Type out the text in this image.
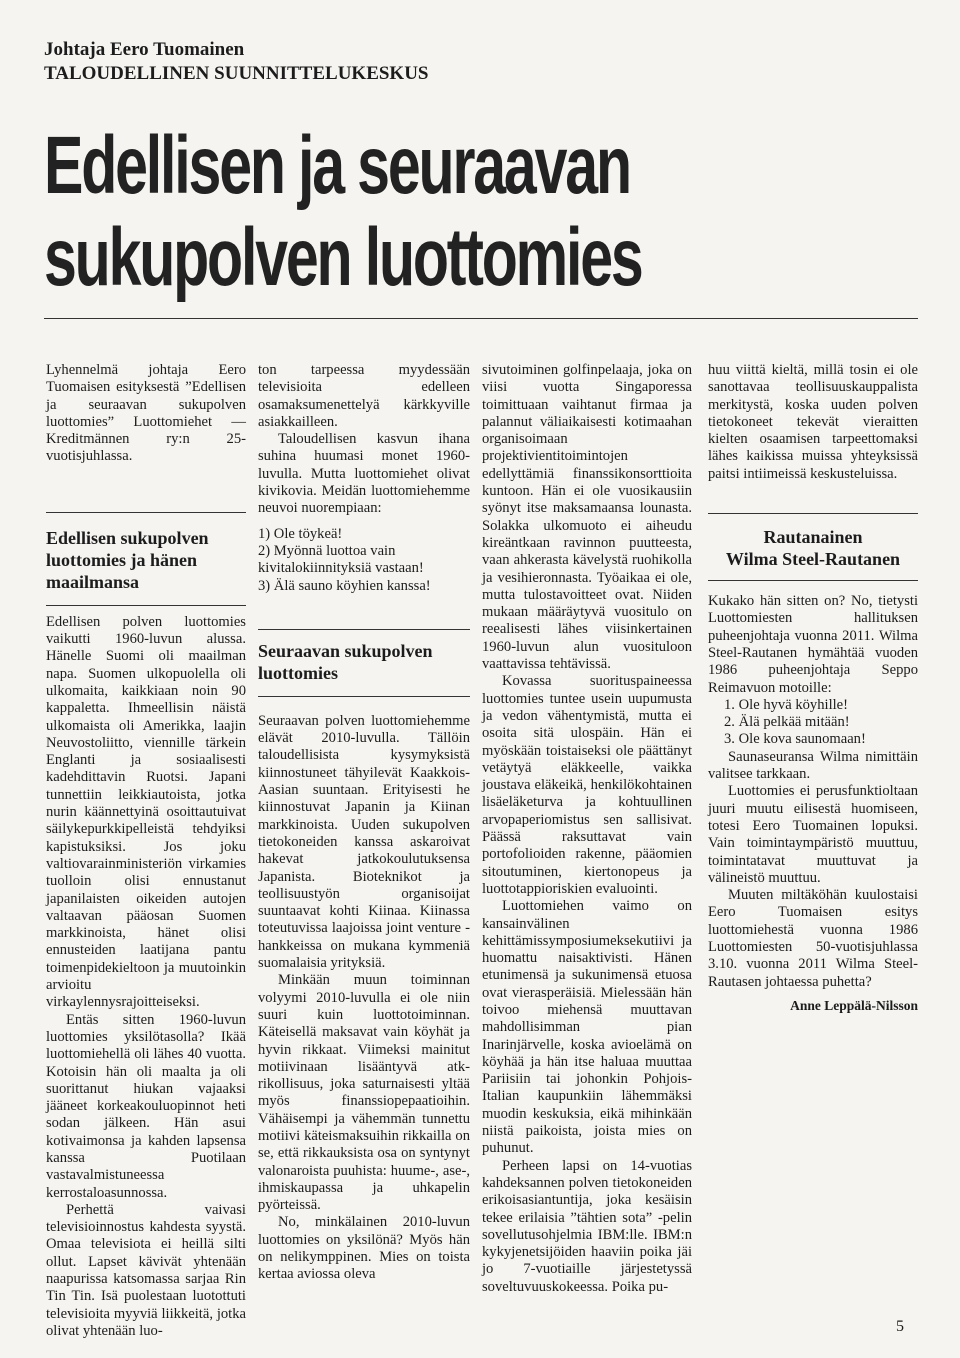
Johtaja Eero Tuomainen
TALOUDELLINEN SUUNNITTELUKESKUS
Edellisen ja seuraavan
sukupolven luottomies

Lyhennelmä johtaja Eero Tuomaisen esityksestä ”Edellisen ja seuraavan sukupolven luottomies” Luottomiehet — Kreditmännen ry:n 25-vuotisjuhlassa.

Edellisen sukupolven luottomies ja hänen maailmansa

Edellisen polven luottomies vaikutti 1960-luvun alussa. Hänelle Suomi oli maailman napa. Suomen ulkopuolella oli ulkomaita, kaikkiaan noin 90 kappaletta. Ihmeellisin näistä ulkomaista oli Amerikka, laajin Neuvostoliitto, viennille tärkein Englanti ja sosiaalisesti kadehdittavin Ruotsi. Japani tunnettiin leikkiautoista, jotka nurin käännettyinä osoittautuivat säilykepurkkipelleistä tehdyiksi kapistuksiksi. Jos joku valtiovarainministeriön virkamies tuolloin olisi ennustanut japanilaisten oikeiden autojen valtaavan pääosan Suomen markkinoista, hänet olisi ennusteiden laatijana pantu toimenpidekieltoon ja muutoinkin arvioitu virkaylennysrajoitteiseksi.

Entäs sitten 1960-luvun luottomies yksilötasolla? Ikää luottomiehellä oli lähes 40 vuotta. Kotoisin hän oli maalta ja oli suorittanut hiukan vajaaksi jääneet korkeakouluopinnot heti sodan jälkeen. Hän asui kotivaimonsa ja kahden lapsensa kanssa Puotilaan vastavalmistuneessa kerrostaloasunnossa.

Perhettä vaivasi televisioinnostus kahdesta syystä. Omaa televisiota ei heillä silti ollut. Lapset kävivät yhtenään naapurissa katsomassa sarjaa Rin Tin Tin. Isä puolestaan luotottuti televisioita myyviä liikkeitä, jotka olivat yhtenään luo-

ton tarpeessa myydessään televisioita edelleen osamaksumenettelyä kärkkyville asiakkailleen.

Taloudellisen kasvun ihana suhina huumasi monet 1960-luvulla. Mutta luottomiehet olivat kivikovia. Meidän luottomiehemme neuvoi nuorempiaan:

1) Ole töykeä!
2) Myönnä luottoa vain kivitalokiinnityksiä vastaan!
3) Älä sauno köyhien kanssa!
Seuraavan sukupolven luottomies

Seuraavan polven luottomiehemme elävät 2010-luvulla. Tällöin taloudellisista kysymyksistä kiinnostuneet tähyilevät Kaakkois-Aasian suuntaan. Erityisesti he kiinnostuvat Japanin ja Kiinan markkinoista. Uuden sukupolven tietokoneiden kanssa askaroivat hakevat jatkokoulutuksensa Japanista. Bioteknikot ja teollisuustyön organisoijat suuntaavat kohti Kiinaa. Kiinassa toteutuvissa laajoissa joint venture -hankkeissa on mukana kymmeniä suomalaisia yrityksiä.

Minkään muun toiminnan volyymi 2010-luvulla ei ole niin suuri kuin luottotoiminnan. Käteisellä maksavat vain köyhät ja hyvin rikkaat. Viimeksi mainitut motiivinaan lisääntyvä atk-rikollisuus, joka saturnaisesti yltää myös finanssiopераatioihin. Vähäisempi ja vähemmän tunnettu motiivi käteismaksuihin rikkailla on se, että rikkauksista osa on syntynyt valonaroista puuhista: huume-, ase-, ihmiskaupassa ja uhkapelin pyörteissä.

No, minkälainen 2010-luvun luottomies on yksilönä? Myös hän on nelikymppinen. Mies on toista kertaa aviossa oleva

sivutoiminen golfinpelaaja, joka on viisi vuotta Singaporessa toimittuaan vaihtanut firmaa ja palannut väliaikaisesti kotimaahan organisoimaan projektivientitoimintojen edellyttämiä finanssikonsorttioita kuntoon. Hän ei ole vuosikausiin syönyt itse maksamaansa lounasta. Solakka ulkomuoto ei aiheudu kireäntkaan ravinnon puutteesta, vaan ahkerasta kävelystä ruohikolla ja vesihieronnasta. Työaikaa ei ole, mutta tulostavoitteet ovat. Niiden mukaan määräytyvä vuositulo on reealisesti lähes viisinkertainen 1960-luvun alun vuosituloon vaattavissa tehtävissä.

Kovassa suorituspaineessa luottomies tuntee usein uupumusta ja vedon vähentymistä, mutta ei osoita sitä ulospäin. Hän ei myöskään toistaiseksi ole päättänyt vetäytyä eläkkeelle, vaikka joustava eläkeikä, henkilökohtainen lisäeläketurva ja kohtuullinen arvopaperiomistus sen sallisivat. Päässä raksuttavat vain portofolioiden rakenne, pääomien sitoutuminen, kiertonopeus ja luottotappioriskien evaluointi.

Luottomiehen vaimo on kansainvälinen kehittämissymposiumeksekutiivi ja huomattu naisaktivisti. Hänen etunimensä ja sukunimensä etuosa ovat vierasperäisiä. Mielessään hän toivoo miehensä muuttavan mahdollisimman pian Inarinjärvelle, koska avioelämä on köyhää ja hän itse haluaa muuttaa Pariisiin tai johonkin Pohjois-Italian kaupunkiin lähemmäksi muodin keskuksia, eikä mihinkään niistä paikoista, joista mies on puhunut.

Perheen lapsi on 14-vuotias kahdeksannen polven tietokoneiden erikoisasiantuntija, joka kesäisin tekee erilaisia ”tähtien sota” -pelin sovellutusohjelmia IBM:lle. IBM:n kykyjenetsijöiden haaviin poika jäi jo 7-vuotiaille järjestetyssä soveltuvuuskokeessa. Poika pu-

huu viittä kieltä, millä tosin ei ole sanottavaa teollisuuskauppalista merkitystä, koska uuden polven tietokoneet tekevät vieraitten kielten osaamisen tarpeettomaksi lähes kaikissa muissa yhteyksissä paitsi intiimeissä keskusteluissa.

Rautanainen
Wilma Steel-Rautanen

Kukako hän sitten on? No, tietysti Luottomiesten hallituksen puheenjohtaja vuonna 2011. Wilma Steel-Rautanen hymähtää vuoden 1986 puheenjohtaja Seppo Reimavuon motoille:

1. Ole hyvä köyhille!
2. Älä pelkää mitään!
3. Ole kova saunomaan!

Saunaseuransa Wilma nimittäin valitsee tarkkaan.

Luottomies ei perusfunktioltaan juuri muutu eilisestä huomiseen, totesi Eero Tuomainen lopuksi. Vain toimintaympäristö muuttuu, toimintatavat muuttuvat ja välineistö muuttuu.

Muuten miltäköhän kuulostaisi Eero Tuomaisen esitys luottomiehestä vuonna 1986 Luottomiesten 50-vuotisjuhlassa 3.10. vuonna 2011 Wilma Steel-Rautasen johtaessa puhetta?

Anne Leppälä-Nilsson
5
